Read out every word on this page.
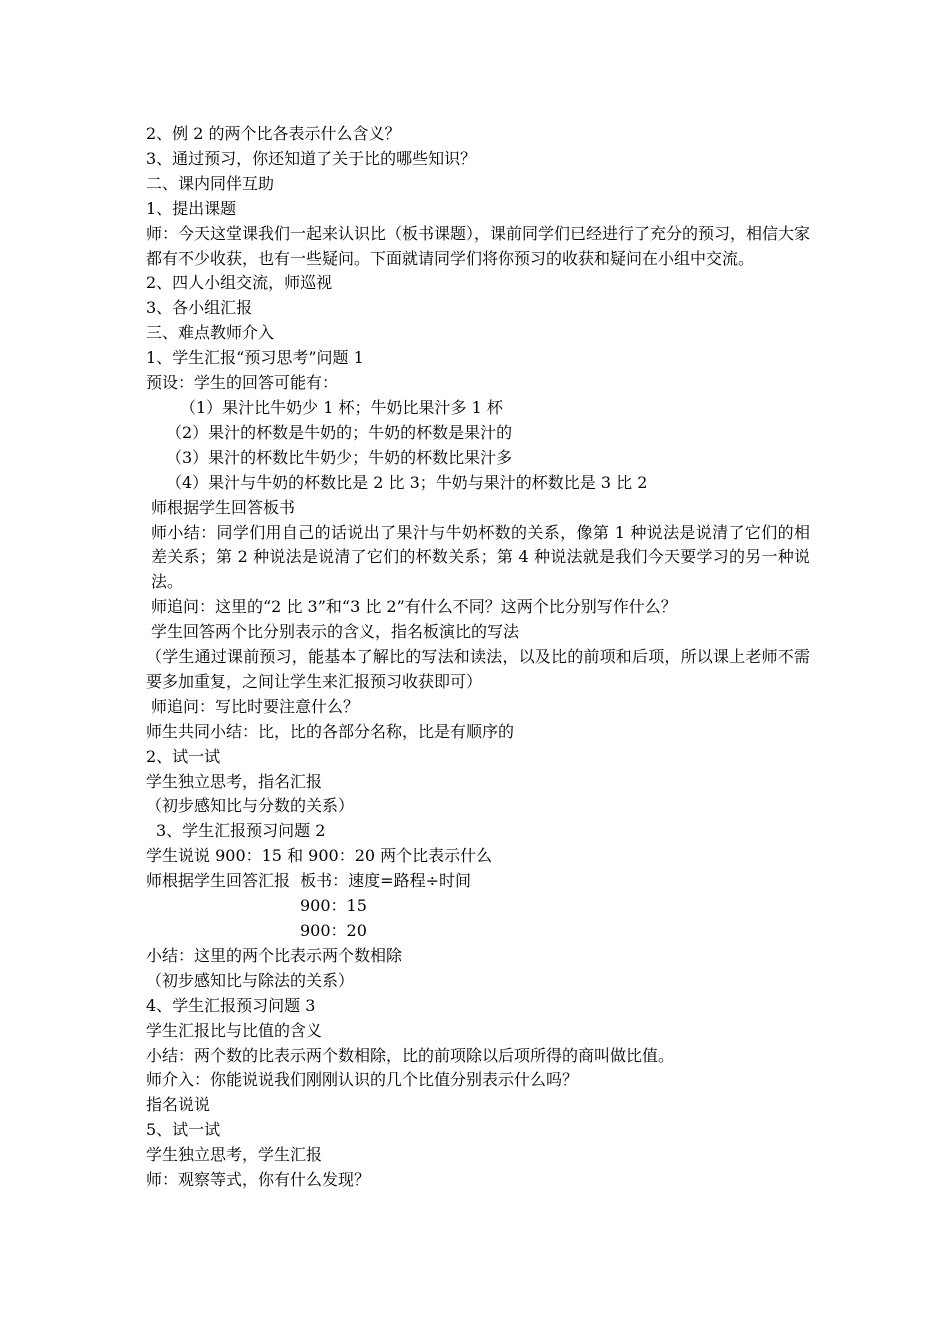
2、例 2 的两个比各表示什么含义？
3、通过预习，你还知道了关于比的哪些知识？
二、课内同伴互助
1、提出课题
师：今天这堂课我们一起来认识比（板书课题），课前同学们已经进行了充分的预习，相信大家都有不少收获，也有一些疑问。下面就请同学们将你预习的收获和疑问在小组中交流。
2、四人小组交流，师巡视
3、各小组汇报
三、难点教师介入
1、学生汇报“预习思考”问题 1
预设：学生的回答可能有：
（1）果汁比牛奶少 1 杯；牛奶比果汁多 1 杯
（2）果汁的杯数是牛奶的；牛奶的杯数是果汁的
（3）果汁的杯数比牛奶少；牛奶的杯数比果汁多
（4）果汁与牛奶的杯数比是 2 比 3；牛奶与果汁的杯数比是 3 比 2
师根据学生回答板书
师小结：同学们用自己的话说出了果汁与牛奶杯数的关系，像第 1 种说法是说清了它们的相差关系；第 2 种说法是说清了它们的杯数关系；第 4 种说法就是我们今天要学习的另一种说法。
师追问：这里的“2 比 3”和“3 比 2”有什么不同？这两个比分别写作什么？
学生回答两个比分别表示的含义，指名板演比的写法
（学生通过课前预习，能基本了解比的写法和读法，以及比的前项和后项，所以课上老师不需要多加重复，之间让学生来汇报预习收获即可）
师追问：写比时要注意什么？
师生共同小结：比，比的各部分名称，比是有顺序的
2、试一试
学生独立思考，指名汇报
（初步感知比与分数的关系）
3、学生汇报预习问题 2
学生说说 900：15 和 900：20 两个比表示什么
师根据学生回答汇报  板书：速度=路程÷时间
900：15
900：20
小结：这里的两个比表示两个数相除
（初步感知比与除法的关系）
4、学生汇报预习问题 3
学生汇报比与比值的含义
小结：两个数的比表示两个数相除，比的前项除以后项所得的商叫做比值。
师介入：你能说说我们刚刚认识的几个比值分别表示什么吗？
指名说说
5、试一试
学生独立思考，学生汇报
师：观察等式，你有什么发现？
